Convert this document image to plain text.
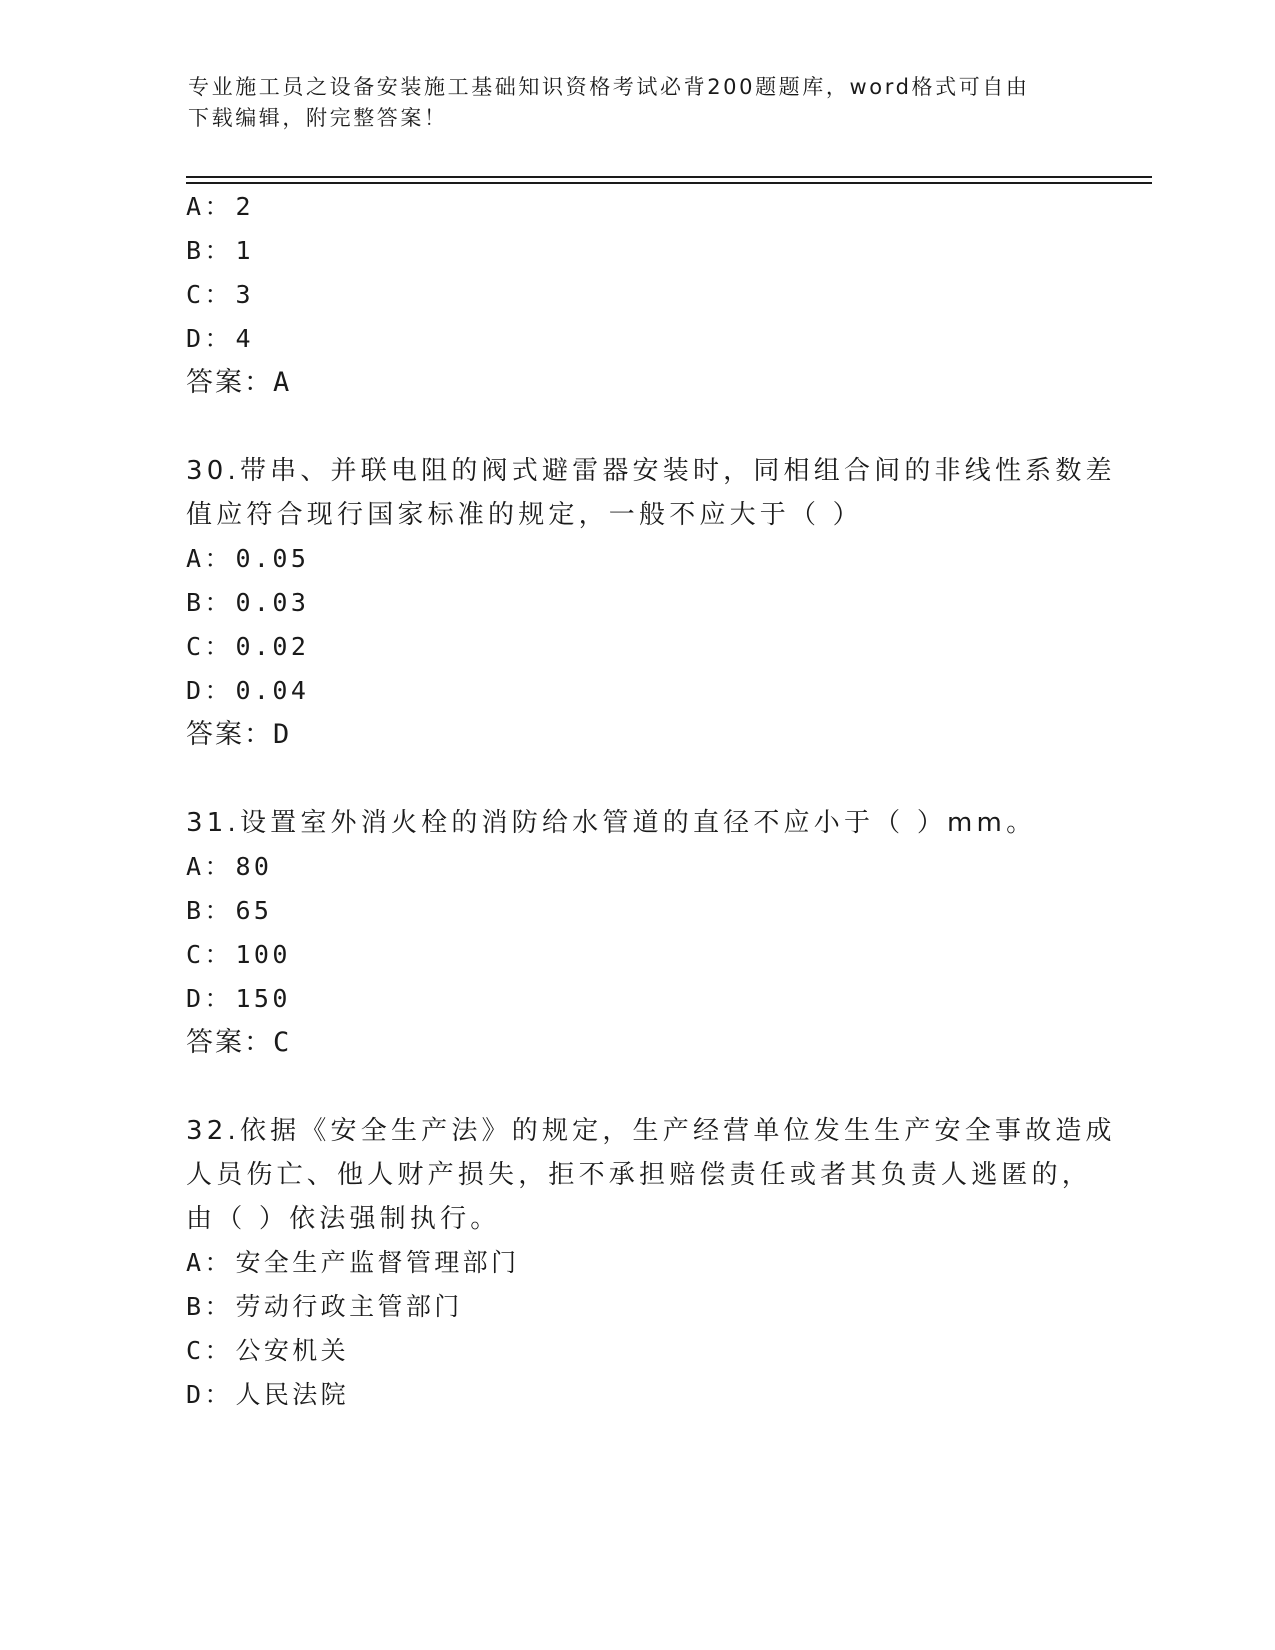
专业施工员之设备安装施工基础知识资格考试必背200题题库，word格式可自由
下载编辑，附完整答案！
A：2
B：1
C：3
D：4
答案：A
30.带串、并联电阻的阀式避雷器安装时，同相组合间的非线性系数差
值应符合现行国家标准的规定，一般不应大于（ ）
A：0.05
B：0.03
C：0.02
D：0.04
答案：D
31.设置室外消火栓的消防给水管道的直径不应小于（ ）mm。
A：80
B：65
C：100
D：150
答案：C
32.依据《安全生产法》的规定，生产经营单位发生生产安全事故造成
人员伤亡、他人财产损失，拒不承担赔偿责任或者其负责人逃匿的，
由（ ）依法强制执行。
A：安全生产监督管理部门
B：劳动行政主管部门
C：公安机关
D：人民法院
